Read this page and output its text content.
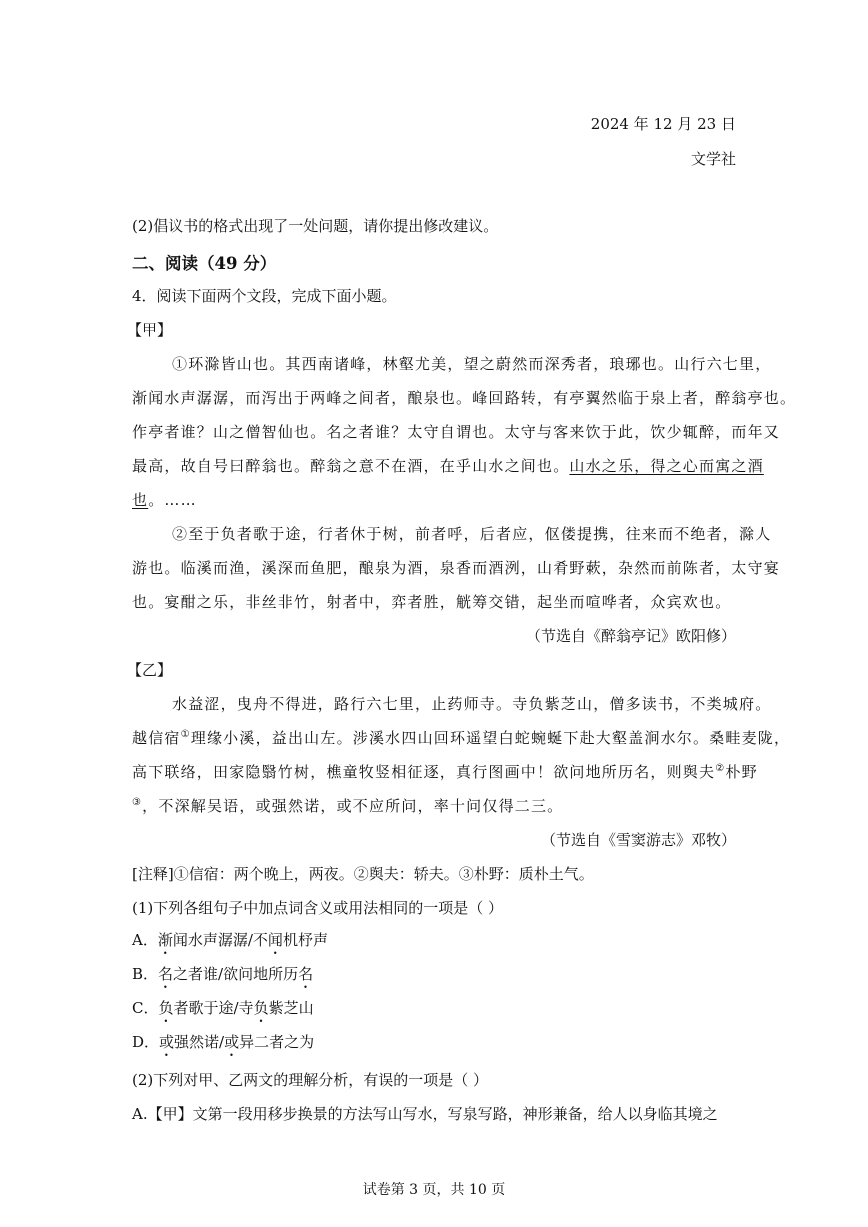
2024 年 12 月 23 日
文学社
(2)倡议书的格式出现了一处问题，请你提出修改建议。
二、阅读（49 分）
4．阅读下面两个文段，完成下面小题。
【甲】
①环滁皆山也。其西南诸峰，林壑尤美，望之蔚然而深秀者，琅琊也。山行六七里，
渐闻水声潺潺，而泻出于两峰之间者，酿泉也。峰回路转，有亭翼然临于泉上者，醉翁亭也。
作亭者谁？山之僧智仙也。名之者谁？太守自谓也。太守与客来饮于此，饮少辄醉，而年又
最高，故自号曰醉翁也。醉翁之意不在酒，在乎山水之间也。山水之乐，得之心而寓之酒
也。……
②至于负者歌于途，行者休于树，前者呼，后者应，伛偻提携，往来而不绝者，滁人
游也。临溪而渔，溪深而鱼肥，酿泉为酒，泉香而酒洌，山肴野蔌，杂然而前陈者，太守宴
也。宴酣之乐，非丝非竹，射者中，弈者胜，觥筹交错，起坐而喧哗者，众宾欢也。
（节选自《醉翁亭记》欧阳修）
【乙】
水益涩，曳舟不得进，路行六七里，止药师寺。寺负紫芝山，僧多读书，不类城府。
越信宿①理缘小溪，益出山左。涉溪水四山回环遥望白蛇蜿蜒下赴大壑盖涧水尔。桑畦麦陇，
高下联络，田家隐翳竹树，樵童牧竖相征逐，真行图画中！欲问地所历名，则舆夫②朴野
③，不深解吴语，或强然诺，或不应所问，率十问仅得二三。
（节选自《雪窦游志》邓牧）
[注释]①信宿：两个晚上，两夜。②舆夫：轿夫。③朴野：质朴土气。
(1)下列各组句子中加点词含义或用法相同的一项是（ ）
A．渐闻水声潺潺/不闻机杼声
B．名之者谁/欲问地所历名
C．负者歌于途/寺负紫芝山
D．或强然诺/或异二者之为
(2)下列对甲、乙两文的理解分析，有误的一项是（ ）
A.【甲】文第一段用移步换景的方法写山写水，写泉写路，神形兼备，给人以身临其境之
试卷第 3 页，共 10 页
